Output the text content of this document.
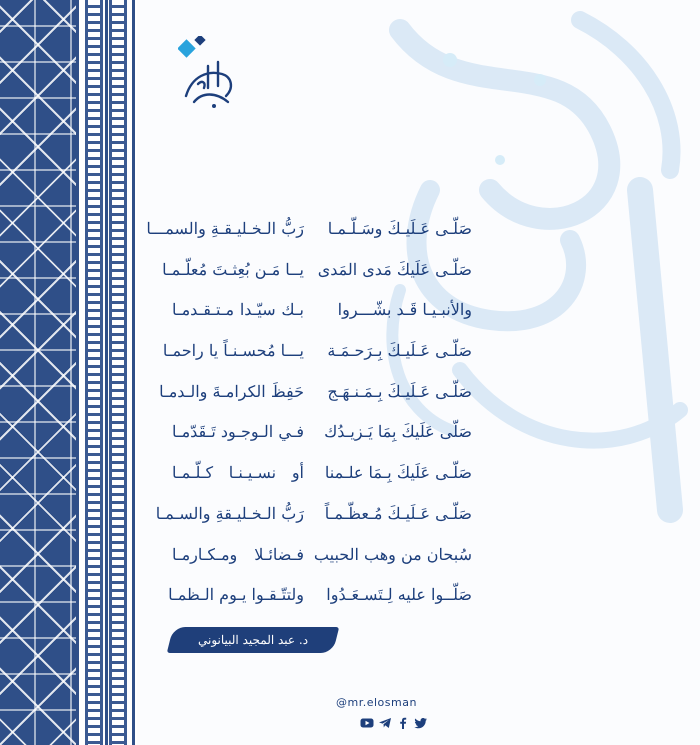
صَلّـى عَـلَيـكَ وسَـلّـمـا
رَبُّ الـخـليـقـةِ والسمـــا
صَلّـى عَلَيكَ مَدى المَدى
يــا مَـن بُعِثـتَ مُعلّـمـا
والأنبـيـا قَـد بشّـــروا
بـك سيّـدا مـتـقـدمـا
صَلّـى عَـلَيـكَ بِـرَحـمَـة
يـــا مُحسـنـاً يا راحمـا
صَلّـى عَـلَيـكَ بِـمَـنـهَـج
حَفِظَ الكرامـةَ والـدمـا
صَلّى عَلَيكَ بِمَا يَـزيـدُك
فـي الـوجـود تَـقَدّمـا
صَلّـى عَلَيكَ بِـمَا علـمنا
أو نسـيـنـا كـلّـمـا
صَلّـى عَـلَيـكَ مُـعظّـمـاً
رَبُّ الـخـليـقةِ والسـمـا
سُبحان من وهب الحبيب
فـضائـلا ومـكـارمـا
صَلّــوا عليه لِـتَسـعَـدُوا
ولتتّـقـوا يـوم الـظمـا
د. عبد المجيد البيانوني
@mr.elosman
